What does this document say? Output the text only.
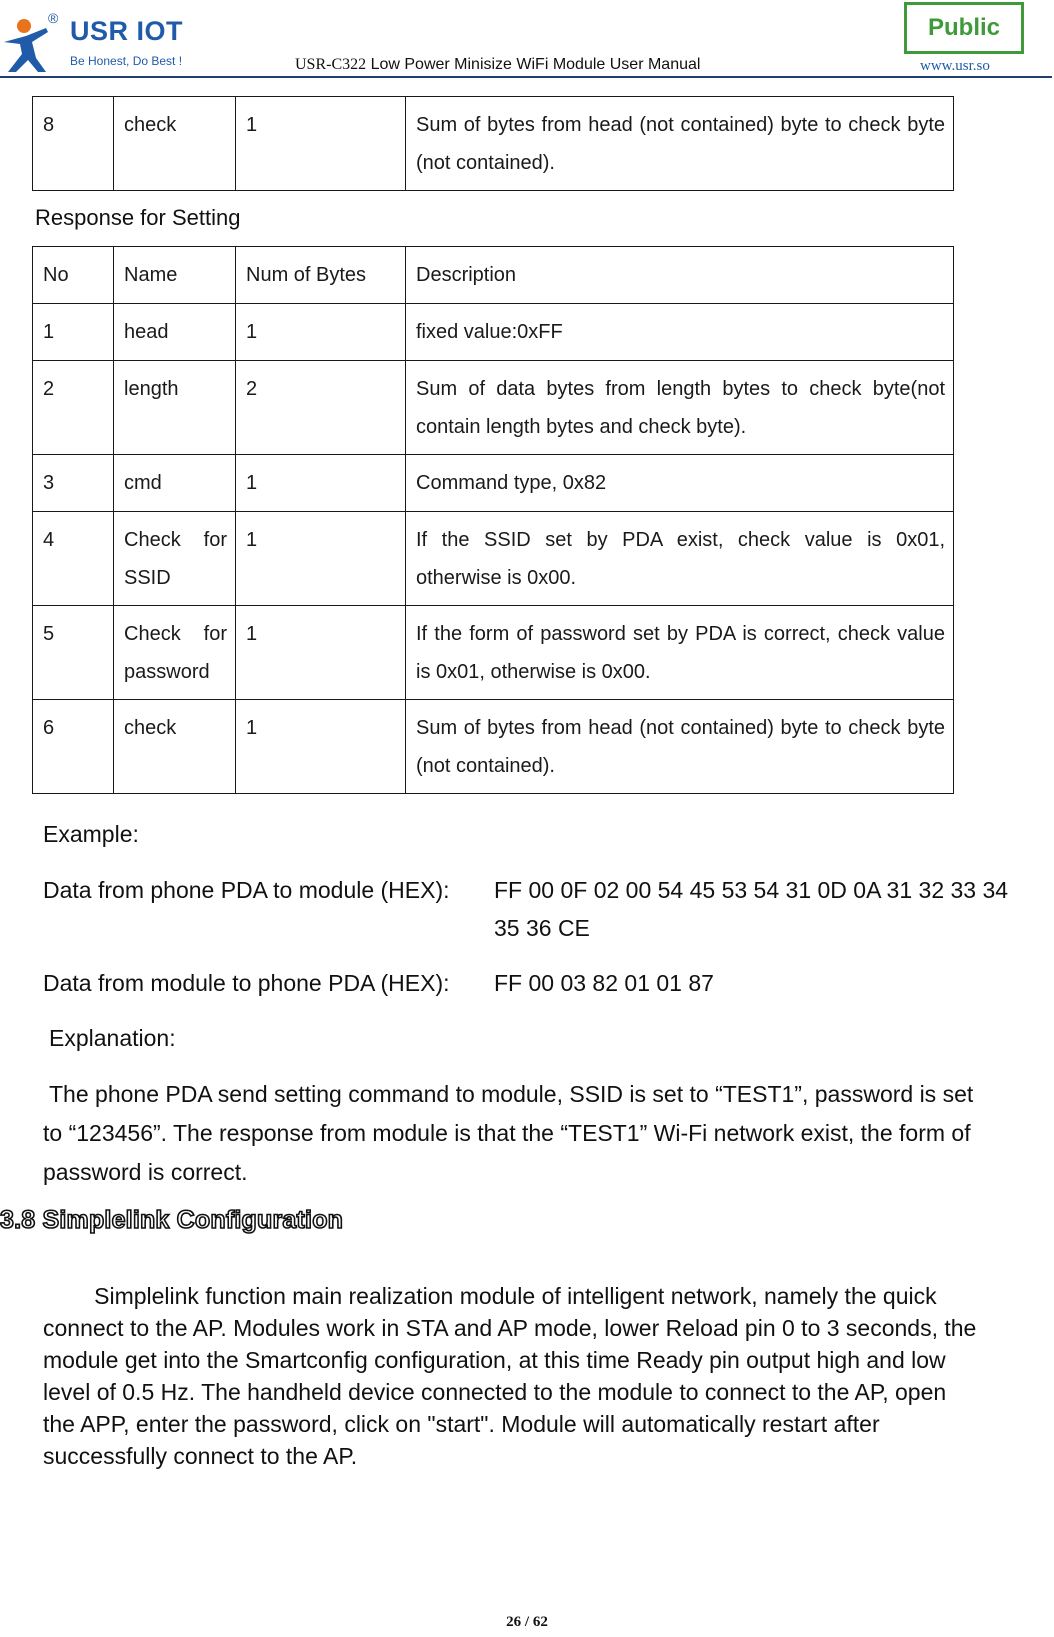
® USR IOT
Be Honest, Do Best !	USR-C322 Low Power Minisize WiFi Module User Manual
Public
www.usr.so
8	check	1	Sum of bytes from head (not contained) byte to check byte (not contained).
Response for Setting
No	Name	Num of Bytes	Description
1	head	1	fixed value:0xFF
2	length	2	Sum of data bytes from length bytes to check byte(not contain length bytes and check byte).
3	cmd	1	Command type, 0x82
4	Check for SSID	1	If the SSID set by PDA exist, check value is 0x01, otherwise is 0x00.
5	Check for password	1	If the form of password set by PDA is correct, check value is 0x01, otherwise is 0x00.
6	check	1	Sum of bytes from head (not contained) byte to check byte (not contained).
Example:
Data from phone PDA to module (HEX): FF 00 0F 02 00 54 45 53 54 31 0D 0A 31 32 33 34
35 36 CE
Data from module to phone PDA (HEX): FF 00 03 82 01 01 87
Explanation:
The phone PDA send setting command to module, SSID is set to “TEST1”, password is set
to “123456”. The response from module is that the “TEST1” Wi-Fi network exist, the form of
password is correct.
3.8 Simplelink Configuration
Simplelink function main realization module of intelligent network, namely the quick
connect to the AP. Modules work in STA and AP mode, lower Reload pin 0 to 3 seconds, the
module get into the Smartconfig configuration, at this time Ready pin output high and low
level of 0.5 Hz. The handheld device connected to the module to connect to the AP, open
the APP, enter the password, click on "start". Module will automatically restart after
successfully connect to the AP.
26 / 62
